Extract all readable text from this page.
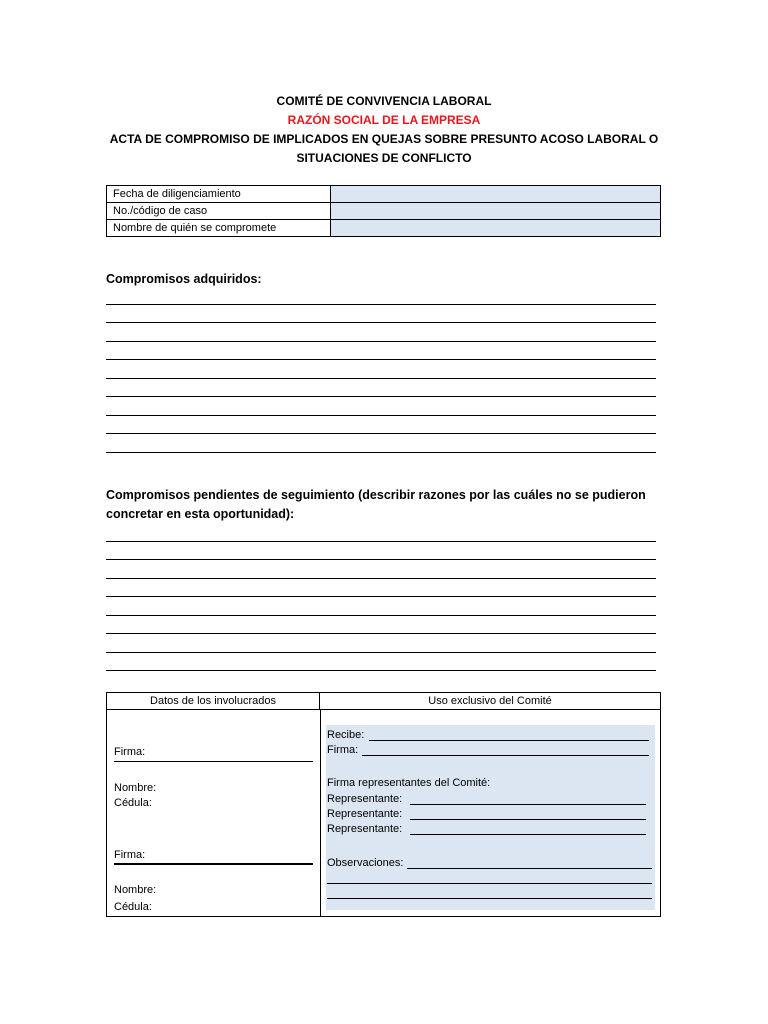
COMITÉ DE CONVIVENCIA LABORAL
RAZÓN SOCIAL DE LA EMPRESA
ACTA DE COMPROMISO DE IMPLICADOS EN QUEJAS SOBRE PRESUNTO ACOSO LABORAL O
SITUACIONES DE CONFLICTO
Fecha de diligenciamiento	
No./código de caso	
Nombre de quién se compromete	
Compromisos adquiridos:
Compromisos pendientes de seguimiento (describir razones por las cuáles no se pudieron concretar en esta oportunidad):
Datos de los involucrados	Uso exclusivo del Comité
Firma:
Nombre:
Cédula:
Firma:
Nombre:
Cédula:
Recibe:
Firma:
Firma representantes del Comité:
Representante:
Representante:
Representante:
Observaciones:
